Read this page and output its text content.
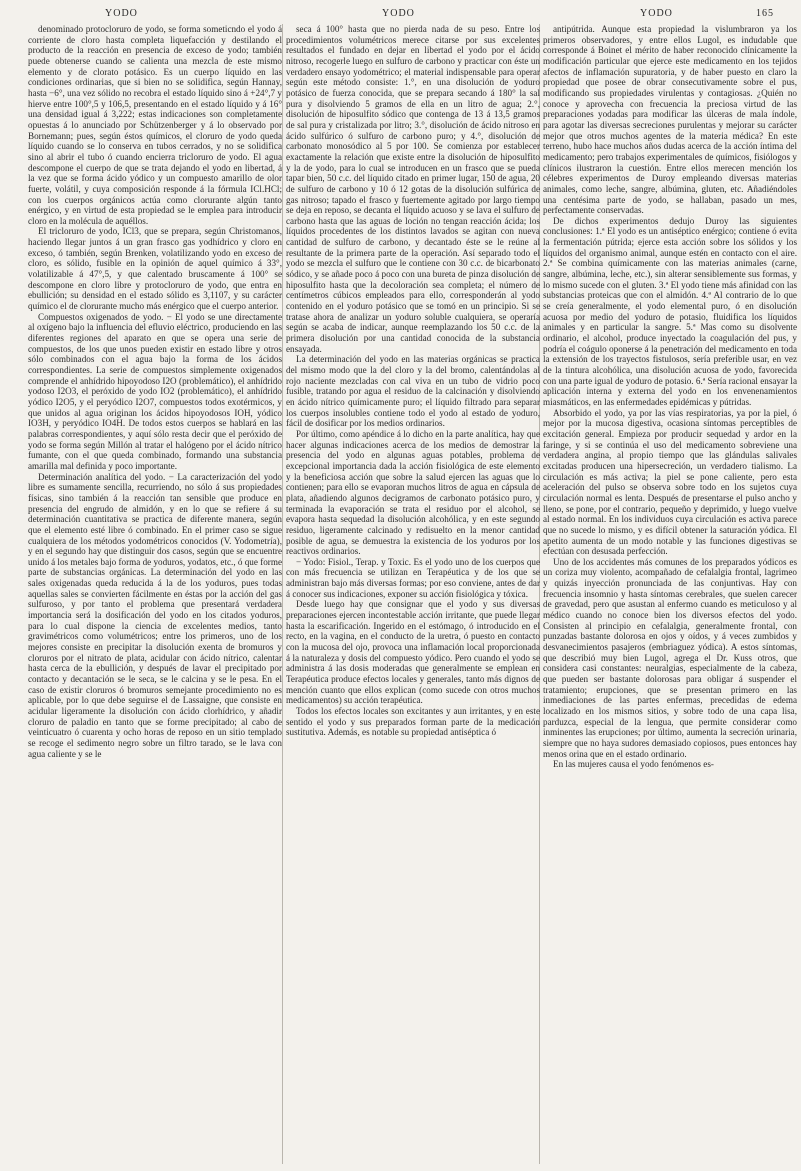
YODO	YODO	YODO	165

denominado protocloruro de yodo, se forma someticndo el yodo á corriente de cloro hasta completa liquefacción y destilando el producto de la reacción en presencia de exceso de yodo; también puede obtenerse cuando se calienta una mezcla de este mismo elemento y de clorato potásico. Es un cuerpo líquido en las condiciones ordinarias, que si bien no se solidifica, según Hannay, hasta −6°, una vez sólido no recobra el estado líquido sino á +24°,7 y hierve entre 100°,5 y 106,5, presentando en el estado líquido y á 16° una densidad igual á 3,222; estas indicaciones son completamente opuestas á lo anunciado por Schützenberger y á lo observado por Bornemann; pues, según éstos químicos, el cloruro de yodo queda líquido cuando se lo conserva en tubos cerrados, y no se solidifica sino al abrir el tubo ó cuando encierra tricloruro de yodo. El agua descompone el cuerpo de que se trata dejando el yodo en libertad, á la vez que se forma ácido yódico y un compuesto amarillo de olor fuerte, volátil, y cuya composición responde á la fórmula ICl.HCl; con los cuerpos orgánicos actúa como clorurante algún tanto enérgico, y en virtud de esta propiedad se le emplea para introducir cloro en la molécula de aquéllos.

El tricloruro de yodo, ICl3, que se prepara, según Christomanos, haciendo llegar juntos á un gran frasco gas yodhídrico y cloro en exceso, ó también, según Brenken, volatilizando yodo en exceso de cloro, es sólido, fusible en la opinión de aquel químico á 33°, volatilizable á 47°,5, y que calentado bruscamente á 100° se descompone en cloro libre y protocloruro de yodo, que entra en ebullición; su densidad en el estado sólido es 3,1107, y su carácter químico el de clorurante mucho más enérgico que el cuerpo anterior.

Compuestos oxigenados de yodo. − El yodo se une directamente al oxígeno bajo la influencia del efluvio eléctrico, produciendo en las diferentes regiones del aparato en que se opera una serie de compuestos, de los que unos pueden existir en estado libre y otros sólo combinados con el agua bajo la forma de los ácidos correspondientes. La serie de compuestos simplemente oxigenados comprende el anhídrido hipoyodoso I2O (problemático), el anhídrido yodoso I2O3, el peróxido de yodo IO2 (problemático), el anhídrido yódico I2O5, y el peryódico I2O7, compuestos todos exotérmicos, y que unidos al agua originan los ácidos hipoyodosos IOH, yódico IO3H, y peryódico IO4H. De todos estos cuerpos se hablará en las palabras correspondientes, y aquí sólo resta decir que el peróxido de yodo se forma según Millón al tratar el halógeno por el ácido nítrico fumante, con el que queda combinado, formando una substancia amarilla mal definida y poco importante.

Determinación analítica del yodo. − La caracterización del yodo libre es sumamente sencilla, recurriendo, no sólo á sus propiedades físicas, sino también á la reacción tan sensible que produce en presencia del engrudo de almidón, y en lo que se refiere á su determinación cuantitativa se practica de diferente manera, según que el elemento esté libre ó combinado. En el primer caso se sigue cualquiera de los métodos yodométricos conocidos (V. Yodometría), y en el segundo hay que distinguir dos casos, según que se encuentre unido á los metales bajo forma de yoduros, yodatos, etc., ó que forme parte de substancias orgánicas. La determinación del yodo en las sales oxigenadas queda reducida á la de los yoduros, pues todas aquellas sales se convierten fácilmente en éstas por la acción del gas sulfuroso, y por tanto el problema que presentará verdadera importancia será la dosificación del yodo en los citados yoduros, para lo cual dispone la ciencia de excelentes medios, tanto gravimétricos como volumétricos; entre los primeros, uno de los mejores consiste en precipitar la disolución exenta de bromuros y cloruros por el nitrato de plata, acidular con ácido nítrico, calentar hasta cerca de la ebullición, y después de lavar el precipitado por contacto y decantación se le seca, se le calcina y se le pesa. En el caso de existir cloruros ó bromuros semejante procedimiento no es aplicable, por lo que debe seguirse el de Lassaigne, que consiste en acidular ligeramente la disolución con ácido clorhídrico, y añadir cloruro de paladio en tanto que se forme precipitado; al cabo de veinticuatro ó cuarenta y ocho horas de reposo en un sitio templado se recoge el sedimento negro sobre un filtro tarado, se le lava con agua caliente y se le

seca á 100° hasta que no pierda nada de su peso. Entre los procedimientos volumétricos merece citarse por sus excelentes resultados el fundado en dejar en libertad el yodo por el ácido nitroso, recogerle luego en sulfuro de carbono y practicar con éste un verdadero ensayo yodométrico; el material indispensable para operar según este método consiste: 1.°, en una disolución de yoduro potásico de fuerza conocida, que se prepara secando á 180° la sal pura y disolviendo 5 gramos de ella en un litro de agua; 2.°, disolución de hiposulfito sódico que contenga de 13 á 13,5 gramos de sal pura y cristalizada por litro; 3.°, disolución de ácido nitroso en ácido sulfúrico ó sulfuro de carbono puro; y 4.°, disolución de carbonato monosódico al 5 por 100. Se comienza por establecer exactamente la relación que existe entre la disolución de hiposulfito y la de yodo, para lo cual se introducen en un frasco que se pueda tapar bien, 50 c.c. del líquido citado en primer lugar, 150 de agua, 20 de sulfuro de carbono y 10 ó 12 gotas de la disolución sulfúrica de gas nitroso; tapado el frasco y fuertemente agitado por largo tiempo se deja en reposo, se decanta el líquido acuoso y se lava el sulfuro de carbono hasta que las aguas de loción no tengan reacción ácida; los líquidos procedentes de los distintos lavados se agitan con nueva cantidad de sulfuro de carbono, y decantado éste se le reúne al resultante de la primera parte de la operación. Así separado todo el yodo se mezcla el sulfuro que le contiene con 30 c.c. de bicarbonato sódico, y se añade poco á poco con una bureta de pinza disolución de hiposulfito hasta que la decoloración sea completa; el número de centímetros cúbicos empleados para ello, corresponderán al yodo contenido en el yoduro potásico que se tomó en un principio. Si se tratase ahora de analizar un yoduro soluble cualquiera, se operaría según se acaba de indicar, aunque reemplazando los 50 c.c. de la primera disolución por una cantidad conocida de la substancia ensayada.

La determinación del yodo en las materias orgánicas se practica del mismo modo que la del cloro y la del bromo, calentándolas al rojo naciente mezcladas con cal viva en un tubo de vidrio poco fusible, tratando por agua el residuo de la calcinación y disolviendo en ácido nítrico químicamente puro; el líquido filtrado para separar los cuerpos insolubles contiene todo el yodo al estado de yoduro, fácil de dosificar por los medios ordinarios.

Por último, como apéndice á lo dicho en la parte analítica, hay que hacer algunas indicaciones acerca de los medios de demostrar la presencia del yodo en algunas aguas potables, problema de excepcional importancia dada la acción fisiológica de este elemento y la beneficiosa acción que sobre la salud ejercen las aguas que lo contienen; para ello se evaporan muchos litros de agua en cápsula de plata, añadiendo algunos decigramos de carbonato potásico puro, y terminada la evaporación se trata el residuo por el alcohol, se evapora hasta sequedad la disolución alcohólica, y en este segundo residuo, ligeramente calcinado y redisuelto en la menor cantidad posible de agua, se demuestra la existencia de los yoduros por los reactivos ordinarios.

− Yodo: Fisiol., Terap. y Toxic. Es el yodo uno de los cuerpos que con más frecuencia se utilizan en Terapéutica y de los que se administran bajo más diversas formas; por eso conviene, antes de dar á conocer sus indicaciones, exponer su acción fisiológica y tóxica.

Desde luego hay que consignar que el yodo y sus diversas preparaciones ejercen incontestable acción irritante, que puede llegar hasta la escarificación. Ingerido en el estómago, ó introducido en el recto, en la vagina, en el conducto de la uretra, ó puesto en contacto con la mucosa del ojo, provoca una inflamación local proporcionada á la naturaleza y dosis del compuesto yódico. Pero cuando el yodo se administra á las dosis moderadas que generalmente se emplean en Terapéutica produce efectos locales y generales, tanto más dignos de mención cuanto que ellos explican (como sucede con otros muchos medicamentos) su acción terapéutica.

Todos los efectos locales son excitantes y aun irritantes, y en este sentido el yodo y sus preparados forman parte de la medicación sustitutiva. Además, es notable su propiedad antiséptica ó

antipútrida. Aunque esta propiedad la vislumbraron ya los primeros observadores, y entre ellos Lugol, es indudable que corresponde á Boinet el mérito de haber reconocido clínicamente la modificación particular que ejerce este medicamento en los tejidos afectos de inflamación supuratoria, y de haber puesto en claro la propiedad que posee de obrar consecutivamente sobre el pus, modificando sus propiedades virulentas y contagiosas. ¿Quién no conoce y aprovecha con frecuencia la preciosa virtud de las preparaciones yodadas para modificar las úlceras de mala índole, para agotar las diversas secreciones purulentas y mejorar su carácter mejor que otros muchos agentes de la materia médica? En este terreno, hubo hace muchos años dudas acerca de la acción íntima del medicamento; pero trabajos experimentales de químicos, fisiólogos y clínicos ilustraron la cuestión. Entre ellos merecen mención los célebres experimentos de Duroy empleando diversas materias animales, como leche, sangre, albúmina, gluten, etc. Añadiéndoles una centésima parte de yodo, se hallaban, pasado un mes, perfectamente conservadas.

De dichos experimentos dedujo Duroy las siguientes conclusiones: 1.ª El yodo es un antiséptico enérgico; contiene ó evita la fermentación pútrida; ejerce esta acción sobre los sólidos y los líquidos del organismo animal, aunque estén en contacto con el aire. 2.ª Se combina químicamente con las materias animales (carne, sangre, albúmina, leche, etc.), sin alterar sensiblemente sus formas, y lo mismo sucede con el gluten. 3.ª El yodo tiene más afinidad con las substancias proteicas que con el almidón. 4.ª Al contrario de lo que se creía generalmente, el yodo elemental puro, ó en disolución acuosa por medio del yoduro de potasio, fluidifica los líquidos animales y en particular la sangre. 5.ª Mas como su disolvente ordinario, el alcohol, produce inyectado la coagulación del pus, y podría el coágulo oponerse á la penetración del medicamento en toda la extensión de los trayectos fistulosos, sería preferible usar, en vez de la tintura alcohólica, una disolución acuosa de yodo, favorecida con una parte igual de yoduro de potasio. 6.ª Sería racional ensayar la aplicación interna y externa del yodo en los envenenamientos miasmáticos, en las enfermedades epidémicas y pútridas.

Absorbido el yodo, ya por las vías respiratorias, ya por la piel, ó mejor por la mucosa digestiva, ocasiona síntomas perceptibles de excitación general. Empieza por producir sequedad y ardor en la faringe, y si se continúa el uso del medicamento sobreviene una verdadera angina, al propio tiempo que las glándulas salivales excitadas producen una hipersecreción, un verdadero tialismo. La circulación es más activa; la piel se pone caliente, pero esta aceleración del pulso se observa sobre todo en los sujetos cuya circulación normal es lenta. Después de presentarse el pulso ancho y lleno, se pone, por el contrario, pequeño y deprimido, y luego vuelve al estado normal. En los individuos cuya circulación es activa parece que no sucede lo mismo, y es difícil obtener la saturación yódica. El apetito aumenta de un modo notable y las funciones digestivas se efectúan con desusada perfección.

Uno de los accidentes más comunes de los preparados yódicos es un coriza muy violento, acompañado de cefalalgia frontal, lagrimeo y quizás inyección pronunciada de las conjuntivas. Hay con frecuencia insomnio y hasta síntomas cerebrales, que suelen carecer de gravedad, pero que asustan al enfermo cuando es meticuloso y al médico cuando no conoce bien los diversos efectos del yodo. Consisten al principio en cefalalgia, generalmente frontal, con punzadas bastante dolorosa en ojos y oídos, y á veces zumbidos y desvanecimientos pasajeros (embriaguez yódica). A estos síntomas, que describió muy bien Lugol, agrega el Dr. Kuss otros, que considera casi constantes: neuralgias, especialmente de la cabeza, que pueden ser bastante dolorosas para obligar á suspender el tratamiento; erupciones, que se presentan primero en las inmediaciones de las partes enfermas, precedidas de edema localizado en los mismos sitios, y sobre todo de una capa lisa, parduzca, especial de la lengua, que permite considerar como inminentes las erupciones; por último, aumenta la secreción urinaria, siempre que no haya sudores demasiado copiosos, pues entonces hay menos orina que en el estado ordinario.

En las mujeres causa el yodo fenómenos es-
